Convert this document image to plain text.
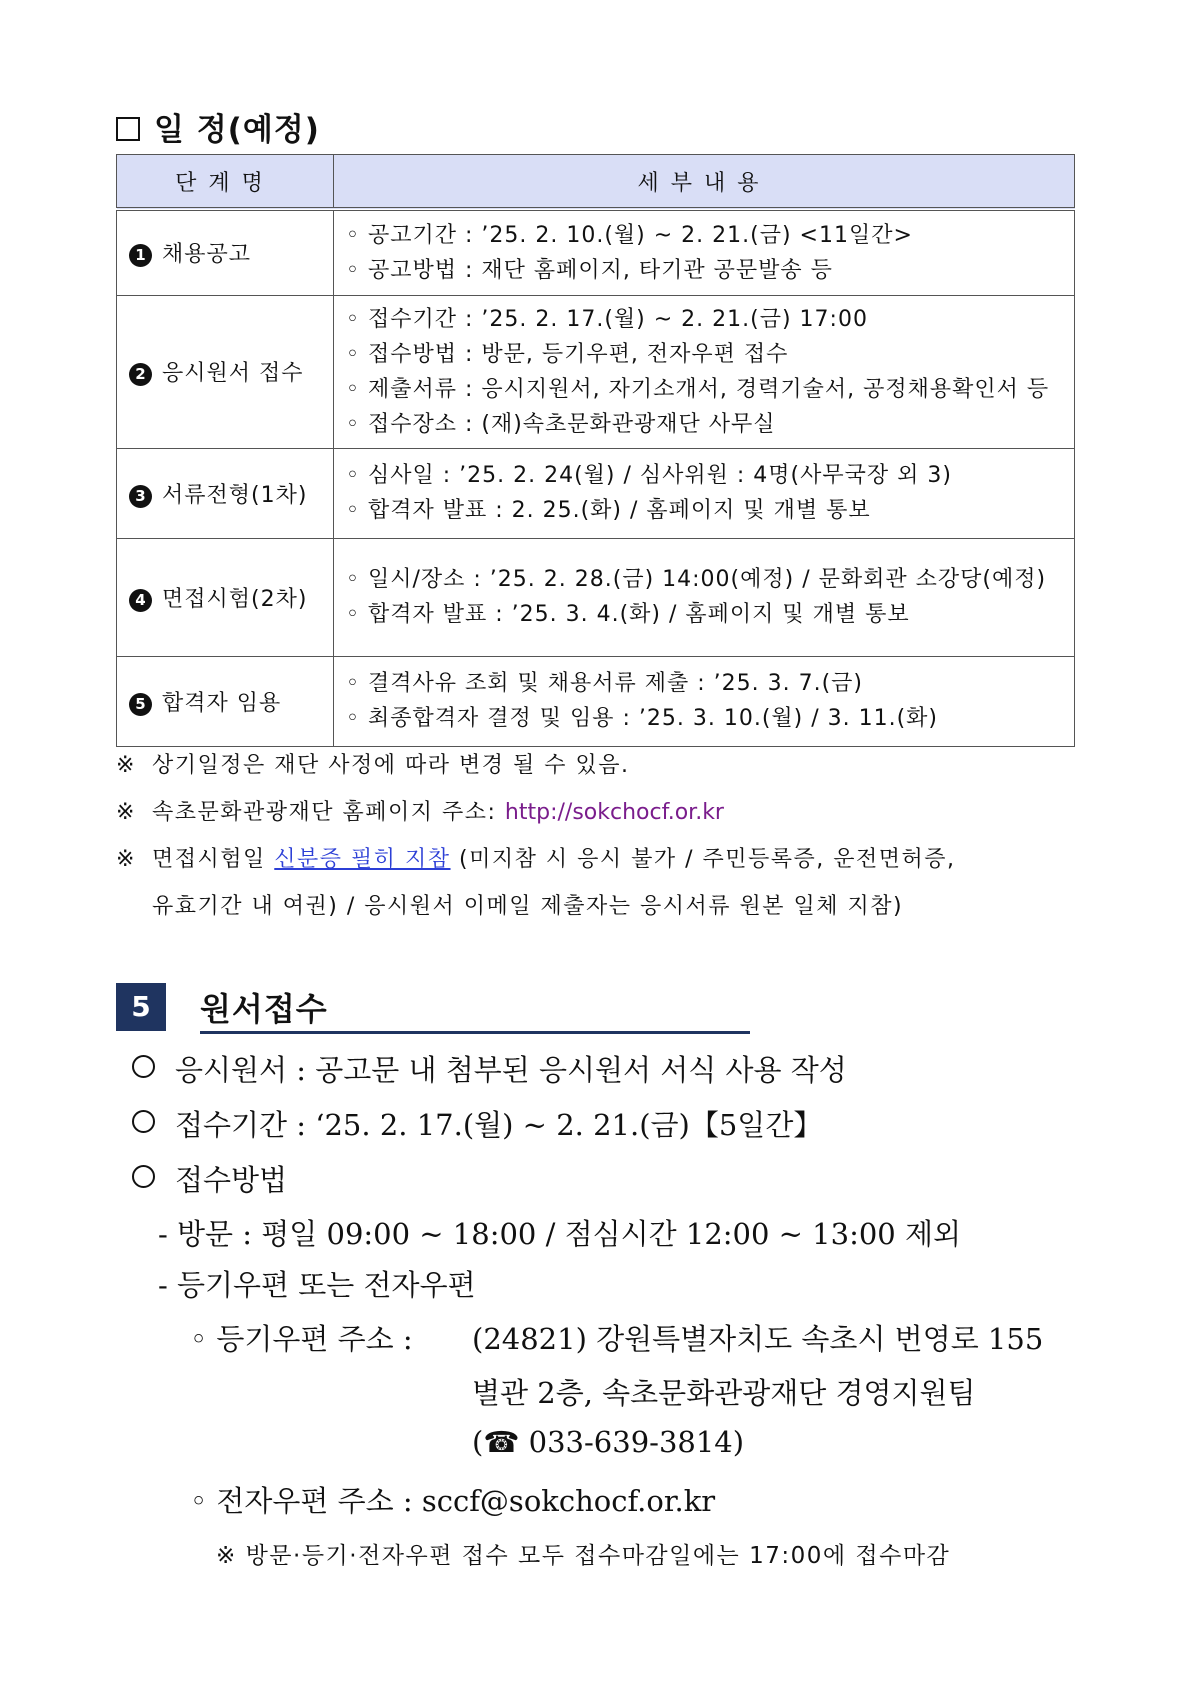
일 정(예정)
단계명	세부내용
1 채용공고	◦ 공고기간 : ’25. 2. 10.(월) ~ 2. 21.(금) <11일간>
◦ 공고방법 : 재단 홈페이지, 타기관 공문발송 등

2 응시원서 접수	◦ 접수기간 : ’25. 2. 17.(월) ~ 2. 21.(금) 17:00
◦ 접수방법 : 방문, 등기우편, 전자우편 접수
◦ 제출서류 : 응시지원서, 자기소개서, 경력기술서, 공정채용확인서 등
◦ 접수장소 : (재)속초문화관광재단 사무실

3 서류전형(1차)	◦ 심사일 : ’25. 2. 24(월) / 심사위원 : 4명(사무국장 외 3)
◦ 합격자 발표 : 2. 25.(화) / 홈페이지 및 개별 통보

4 면접시험(2차)	◦ 일시/장소 : ’25. 2. 28.(금) 14:00(예정) / 문화회관 소강당(예정)
◦ 합격자 발표 : ’25. 3. 4.(화) / 홈페이지 및 개별 통보

5 합격자 임용	◦ 결격사유 조회 및 채용서류 제출 : ’25. 3. 7.(금)
◦ 최종합격자 결정 및 임용 : ’25. 3. 10.(월) / 3. 11.(화)
※ 상기일정은 재단 사정에 따라 변경 될 수 있음.
※ 속초문화관광재단 홈페이지 주소: http://sokchocf.or.kr
※ 면접시험일 신분증 필히 지참 (미지참 시 응시 불가 / 주민등록증, 운전면허증,
유효기간 내 여권) / 응시원서 이메일 제출자는 응시서류 원본 일체 지참)
5	원서접수
응시원서 : 공고문 내 첨부된 응시원서 서식 사용 작성
접수기간 : ‘25. 2. 17.(월) ~ 2. 21.(금)【5일간】
접수방법
- 방문 : 평일 09:00 ~ 18:00 / 점심시간 12:00 ~ 13:00 제외
- 등기우편 또는 전자우편
◦ 등기우편 주소 : (24821) 강원특별자치도 속초시 번영로 155
별관 2층, 속초문화관광재단 경영지원팀
(☎ 033-639-3814)
◦ 전자우편 주소 : sccf@sokchocf.or.kr
※ 방문·등기·전자우편 접수 모두 접수마감일에는 17:00에 접수마감
